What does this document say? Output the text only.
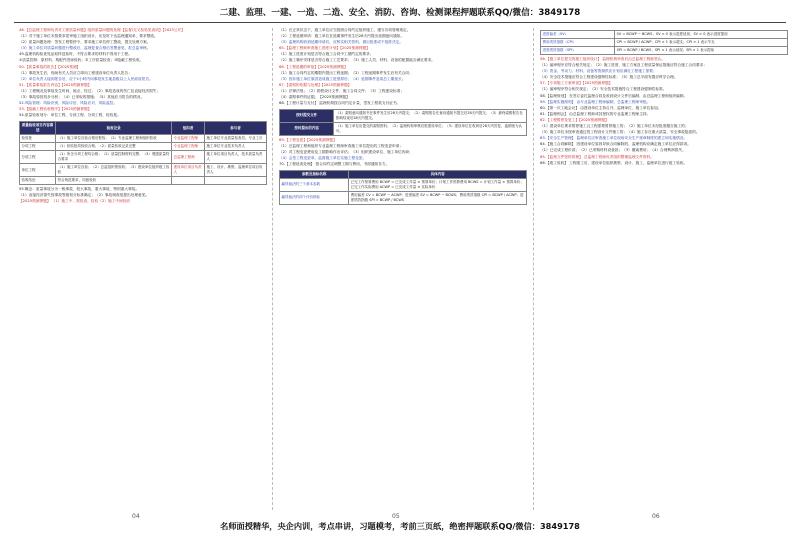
二建、监理、一建、一造、二造、安全、消防、咨询、检测课程押题联系QQ/微信：3849178

48.【总监理工程师负责对工程质量问题】组织质量问题的处理【监督/交叉检验见表项】【2023公开】

（1）对于施工单位未按要求报审施工组织设计，应及时下达监理通知单，要求整改。

（2）质量问题处理：签发工程暂停令，要求施工单位停工整改，提交处理方案。

（3）施工单位对质量问题进行整改后，监理复查合格后签署意见，报总监审核。

49.监理机构检查见证取样送检时，不符合要求的材料不得用于工程。

①质量控制：原材料、构配件进场验收；②工序质量检查；③隐蔽工程验收。

50.【质量事故的报告】【2025预测】

（1）事故发生后，现场有关人员应立即向工程建设单位负责人报告；

（2）单位负责人接到报告后，应于1小时内向事故发生地县级以上人民政府报告。

51.【质量事故报告内容】【2025预测押题】

（1）工程概况及事故发生时间、地点、经过；（2）事故造成的伤亡及直接经济损失；

（3）事故原因初步分析；（4）已采取的措施；（5）其他应当报告的情况。

52.风险管理：风险识别、风险评估、风险应对、风险监控。

53.【隐蔽工程验收程序】【2025预测押题】

54.质量验收划分：单位工程、分部工程、分项工程、检验批。

质量验收项目内容描述	验收记录	组织者	参与者
检验批	（1）施工单位自检合格后报验；（2）专业监理工程师组织验收	专业监理工程师	施工单位专业质量检查员、专业工长
分项工程	（1）检验批均验收合格；（2）质量验收记录完整	专业监理工程师	施工单位专业技术负责人
分部工程	（1）所含分项工程均合格；（2）质量控制资料完整；（3）观感质量符合要求	总监理工程师	施工单位项目负责人、技术质量负责人
单位工程	（1）施工单位自检；（2）总监组织预验收；（3）建设单位组织竣工验收	建设单位项目负责人	施工、设计、勘察、监理单位项目负责人
验收结论	符合规范要求，同意验收		

55.概念：质量事故分为一般事故、较大事故、重大事故、特别重大事故。

（1）直接经济损失按事故等级划分标准确定；（2）事故调查组提出处理意见。

【2025预测押题】 （1）施工中，需检查，检验（2）施工中间验收

（1）在正常状态下，施工单位应当按照合同约定组织施工，遵守各项管理规定。

（2）工程延期申请：施工单位在延期事件发生后28天内提出延期意向通知。

（3）监理机构收到延期申请后，应核实相关资料，做出批准或不批准决定。

65.【监理工程师审查施工进度计划】【2025预测押题】

（1）施工进度计划是否符合施工合同中工期约定的要求；

（2）施工顺序安排是否符合施工工艺要求；（3）施工人员、材料、设备的配置能否满足要求。

66.【工程延期的审批】【2025预测押题】

（1）施工合同约定的期限内提出工程延期；（2）工程延期事件发生后有关合同；

（3）因非施工单位原因造成施工进度滞后；（4）延期事件造成总工期延长。

67.【索赔的依据与处理】【2025预测押题】

（1）法律法规；（2）勘察设计文件、施工合同文件；（3）工程建设标准；

（4）索赔事件的证据。【2025预测押题】

68.【工程计量与支付】 监理机构按合同约定计量，签发工程款支付证书。

按时提交文件	（1）索赔意向通知书在事件发生后28天内提交；（2）索赔报告在意向通知书提交后28天内提交；（3）最终索赔报告在影响结束后28天内提交。
按时提出的内容	（1）施工单位应提交的索赔资料；（2）监理机构审核后报建设单位；（3）建设单位在收到后28天内答复，逾期视为认可。

69.【工程变更】【2025预测押题】

（1）总监理工程师组织专业监理工程师审查施工单位提出的工程变更申请；

（2）对工程变更费用及工期影响作出评估；（3）组织建设单位、施工单位协商；

（4）会签工程变更单，监督施工单位实施工程变更。

70.【工程延误处理】 按合同约定调整工期与费用，书面通知各方。

参数及指标名称	具体内容
赢得值法的三个基本参数	已完工作预算费用 BCWP = 已完成工作量 × 预算单价；计划工作预算费用 BCWS = 计划工作量 × 预算单价；已完工作实际费用 ACWP = 已完成工作量 × 实际单价
赢得值法的四个评价指标	费用偏差 CV = BCWP − ACWP；进度偏差 SV = BCWP − BCWS；费用绩效指数 CPI = BCWP / ACWP；进度绩效指数 SPI = BCWP / BCWS
进度偏差（SV）	SV = BCWP − BCWS；SV < 0 表示进度延误；SV > 0 表示进度提前
费用绩效指数（CPI）	CPI = BCWP / ACWP；CPI < 1 表示超支；CPI > 1 表示节支
进度绩效指数（SPI）	SPI = BCWP / BCWS；SPI < 1 表示延误；SPI > 1 表示提前

56.【施工单位提交的施工组织设计】 监理机构审查后由总监理工程师签认。

（1）编审程序应符合相关规定；（2）施工进度、施工方案及工程质量保证措施应符合施工合同要求；

（3）资金、劳动力、材料、设备等资源供应计划应满足工程施工需要；

（4）安全技术措施应符合工程建设强制性标准；（5）施工总平面布置应科学合理。

57.【专项施工方案审查】【2025预测押题】

（1）编审程序符合相关规定；（2）安全技术措施符合工程建设强制性标准。

58.【监理规划】 在签订委托监理合同及收到设计文件后编制，由总监理工程师组织编制。

59.【监理实施细则】 由专业监理工程师编制，总监理工程师审批。

60.【第一次工地会议】 由建设单位主持召开，监理单位、施工单位参加。

61.【监理例会】 由总监理工程师或其授权的专业监理工程师主持。

62.【工程暂停及复工】【2025预测押题】

（1）建设单位要求暂停施工且工程需要暂停施工的；（2）施工单位未经批准擅自施工的；

（3）施工单位未按审查通过的工程设计文件施工的；（4）施工存在重大质量、安全事故隐患的。

63.【安全生产管理】 监理单位应审查施工单位现场安全生产规章制度的建立和实施情况。

64.【施工合同解除】 因建设单位原因导致合同解除的，监理机构应确定施工单位应得款项。

（1）已完成工程价款；（2）已采购材料设备款；（3）撤离费用；（4）合理利润损失。

65.【监理文件资料管理】 总监理工程师负责组织整理监理文件资料。

66.【竣工验收】 工程竣工后，建设单位组织勘察、设计、施工、监理单位进行竣工验收。

04	05	06
名师面授精华，央企内训，考点串讲，习题模考，考前三页纸，绝密押题联系QQ/微信：3849178
